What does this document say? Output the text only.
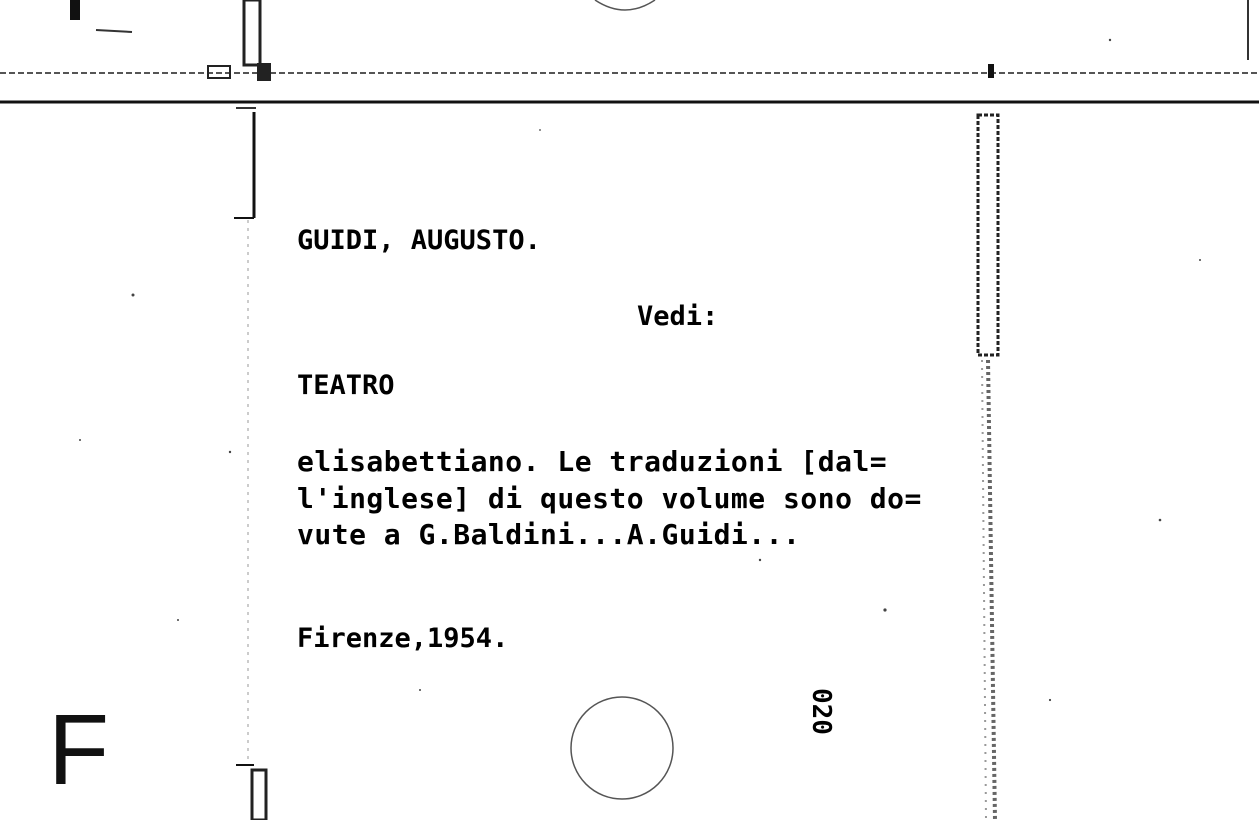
GUIDI, AUGUSTO.
Vedi:
TEATRO
elisabettiano. Le traduzioni [dal=
l'inglese] di questo volume sono do=
vute a G.Baldini...A.Guidi...
Firenze,1954.
020
F
